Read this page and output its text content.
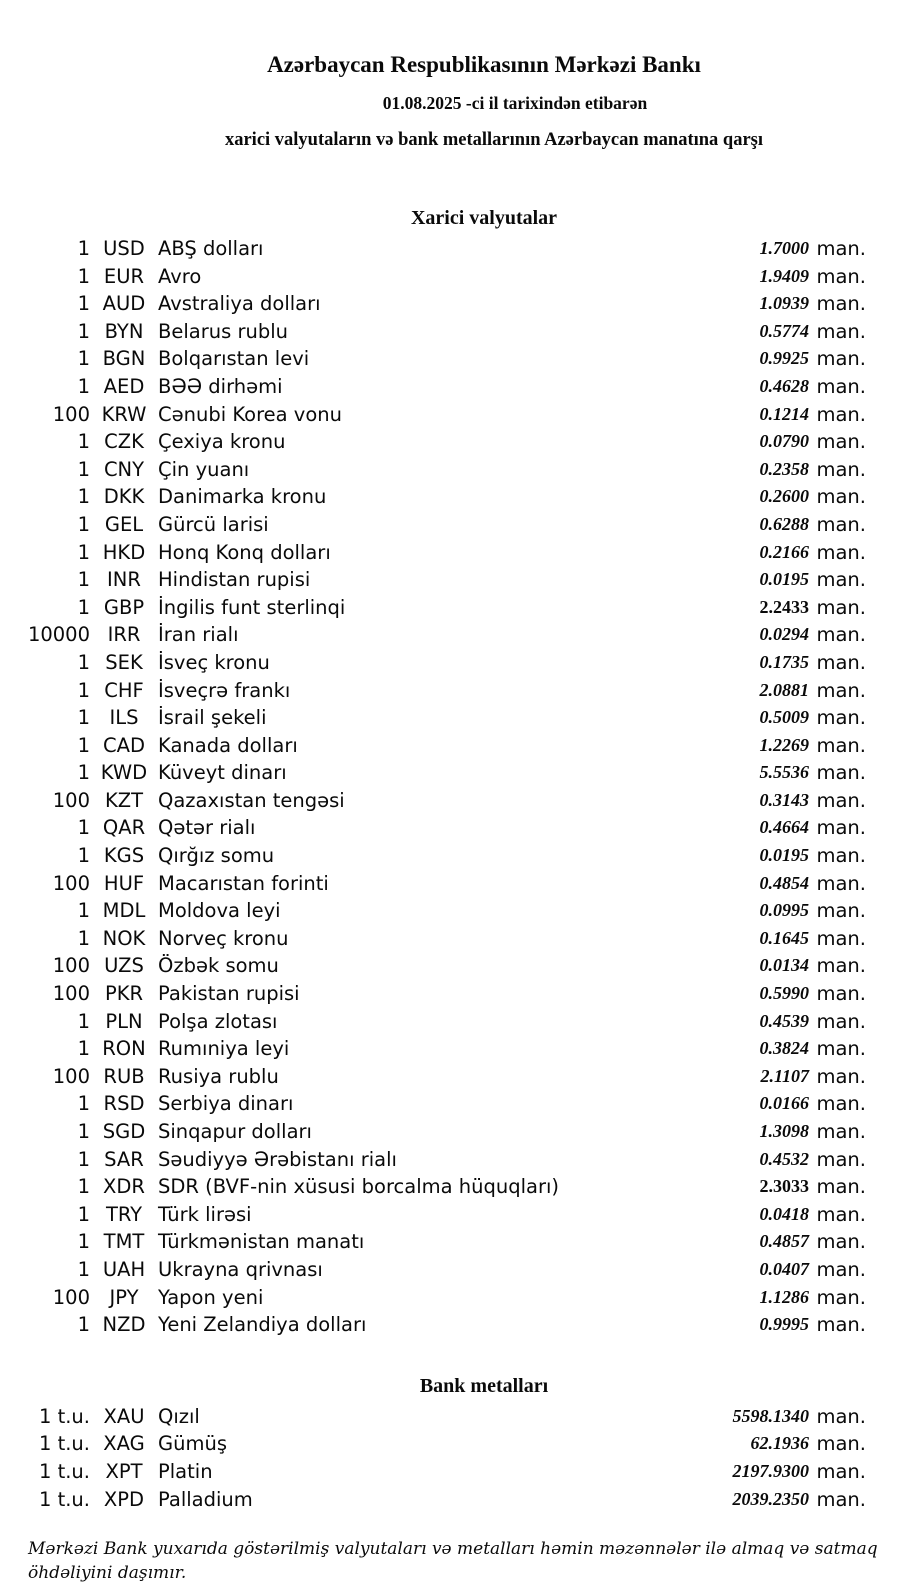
Azərbaycan Respublikasının Mərkəzi Bankı
01.08.2025 -ci il tarixindən etibarən
xarici valyutaların və bank metallarının Azərbaycan manatına qarşı
Xarici valyutalar
1 USD ABŞ dolları	1.7000 man.
1 EUR Avro	1.9409 man.
1 AUD Avstraliya dolları	1.0939 man.
1 BYN Belarus rublu	0.5774 man.
1 BGN Bolqarıstan levi	0.9925 man.
1 AED BƏƏ dirhəmi	0.4628 man.
100 KRW Cənubi Korea vonu	0.1214 man.
1 CZK Çexiya kronu	0.0790 man.
1 CNY Çin yuanı	0.2358 man.
1 DKK Danimarka kronu	0.2600 man.
1 GEL Gürcü larisi	0.6288 man.
1 HKD Honq Konq dolları	0.2166 man.
1 INR Hindistan rupisi	0.0195 man.
1 GBP İngilis funt sterlinqi	2.2433 man.
10000 IRR İran rialı	0.0294 man.
1 SEK İsveç kronu	0.1735 man.
1 CHF İsveçrə frankı	2.0881 man.
1	ILS	İsrail şekeli	0.5009 man.
1 CAD Kanada dolları	1.2269 man.
1 KWD Küveyt dinarı	5.5536 man.
100 KZT Qazaxıstan tengəsi	0.3143 man.
1 QAR Qətər rialı	0.4664 man.
1 KGS Qırğız somu	0.0195 man.
100 HUF Macarıstan forinti	0.4854 man.
1 MDL Moldova leyi	0.0995 man.
1 NOK Norveç kronu	0.1645 man.
100 UZS Özbək somu	0.0134 man.
100 PKR Pakistan rupisi	0.5990 man.
1 PLN Polşa zlotası	0.4539 man.
1 RON Rumıniya leyi	0.3824 man.
100 RUB Rusiya rublu	2.1107 man.
1 RSD Serbiya dinarı	0.0166 man.
1 SGD Sinqapur dolları	1.3098 man.
1 SAR Səudiyyə Ərəbistanı rialı	0.4532 man.
1 XDR SDR (BVF-nin xüsusi borcalma hüquqları)	2.3033 man.
1 TRY Türk lirəsi	0.0418 man.
1 TMT Türkmənistan manatı	0.4857 man.
1 UAH Ukrayna qrivnası	0.0407 man.
100	JPY	Yapon yeni	1.1286 man.
1 NZD Yeni Zelandiya dolları	0.9995 man.
Bank metalları
1 t.u. XAU Qızıl	5598.1340 man.
1 t.u. XAG Gümüş	62.1936 man.
1 t.u. XPT Platin	2197.9300 man.
1 t.u. XPD Palladium	2039.2350 man.
Mərkəzi Bank yuxarıda göstərilmiş valyutaları və metalları həmin məzənnələr ilə almaq və satmaq öhdəliyini daşımır.
